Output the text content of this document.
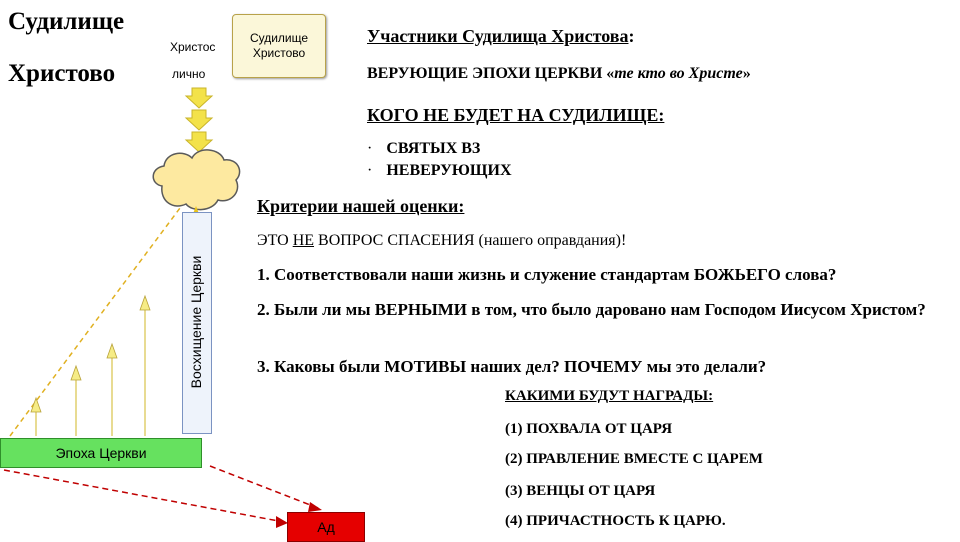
Судилище
Христово
Христос
лично
Судилище
Христово
Участники Судилища Христова:
ВЕРУЮЩИЕ ЭПОХИ ЦЕРКВИ «те кто во Христе»
КОГО НЕ БУДЕТ НА СУДИЛИЩЕ:
· СВЯТЫХ ВЗ
· НЕВЕРУЮЩИХ
Критерии нашей оценки:
ЭТО НЕ ВОПРОС СПАСЕНИЯ (нашего оправдания)!
1. Соответствовали наши жизнь и служение стандартам БОЖЬЕГО слова?
2. Были ли мы ВЕРНЫМИ в том, что было даровано нам Господом Иисусом Христом?
3. Каковы были МОТИВЫ наших дел? ПОЧЕМУ мы это делали?
КАКИМИ БУДУТ НАГРАДЫ:
(1) ПОХВАЛА ОТ ЦАРЯ
(2) ПРАВЛЕНИЕ ВМЕСТЕ С ЦАРЕМ
(3) ВЕНЦЫ ОТ ЦАРЯ
(4) ПРИЧАСТНОСТЬ К ЦАРЮ.
Восхищение Церкви
Эпоха Церкви
Ад
